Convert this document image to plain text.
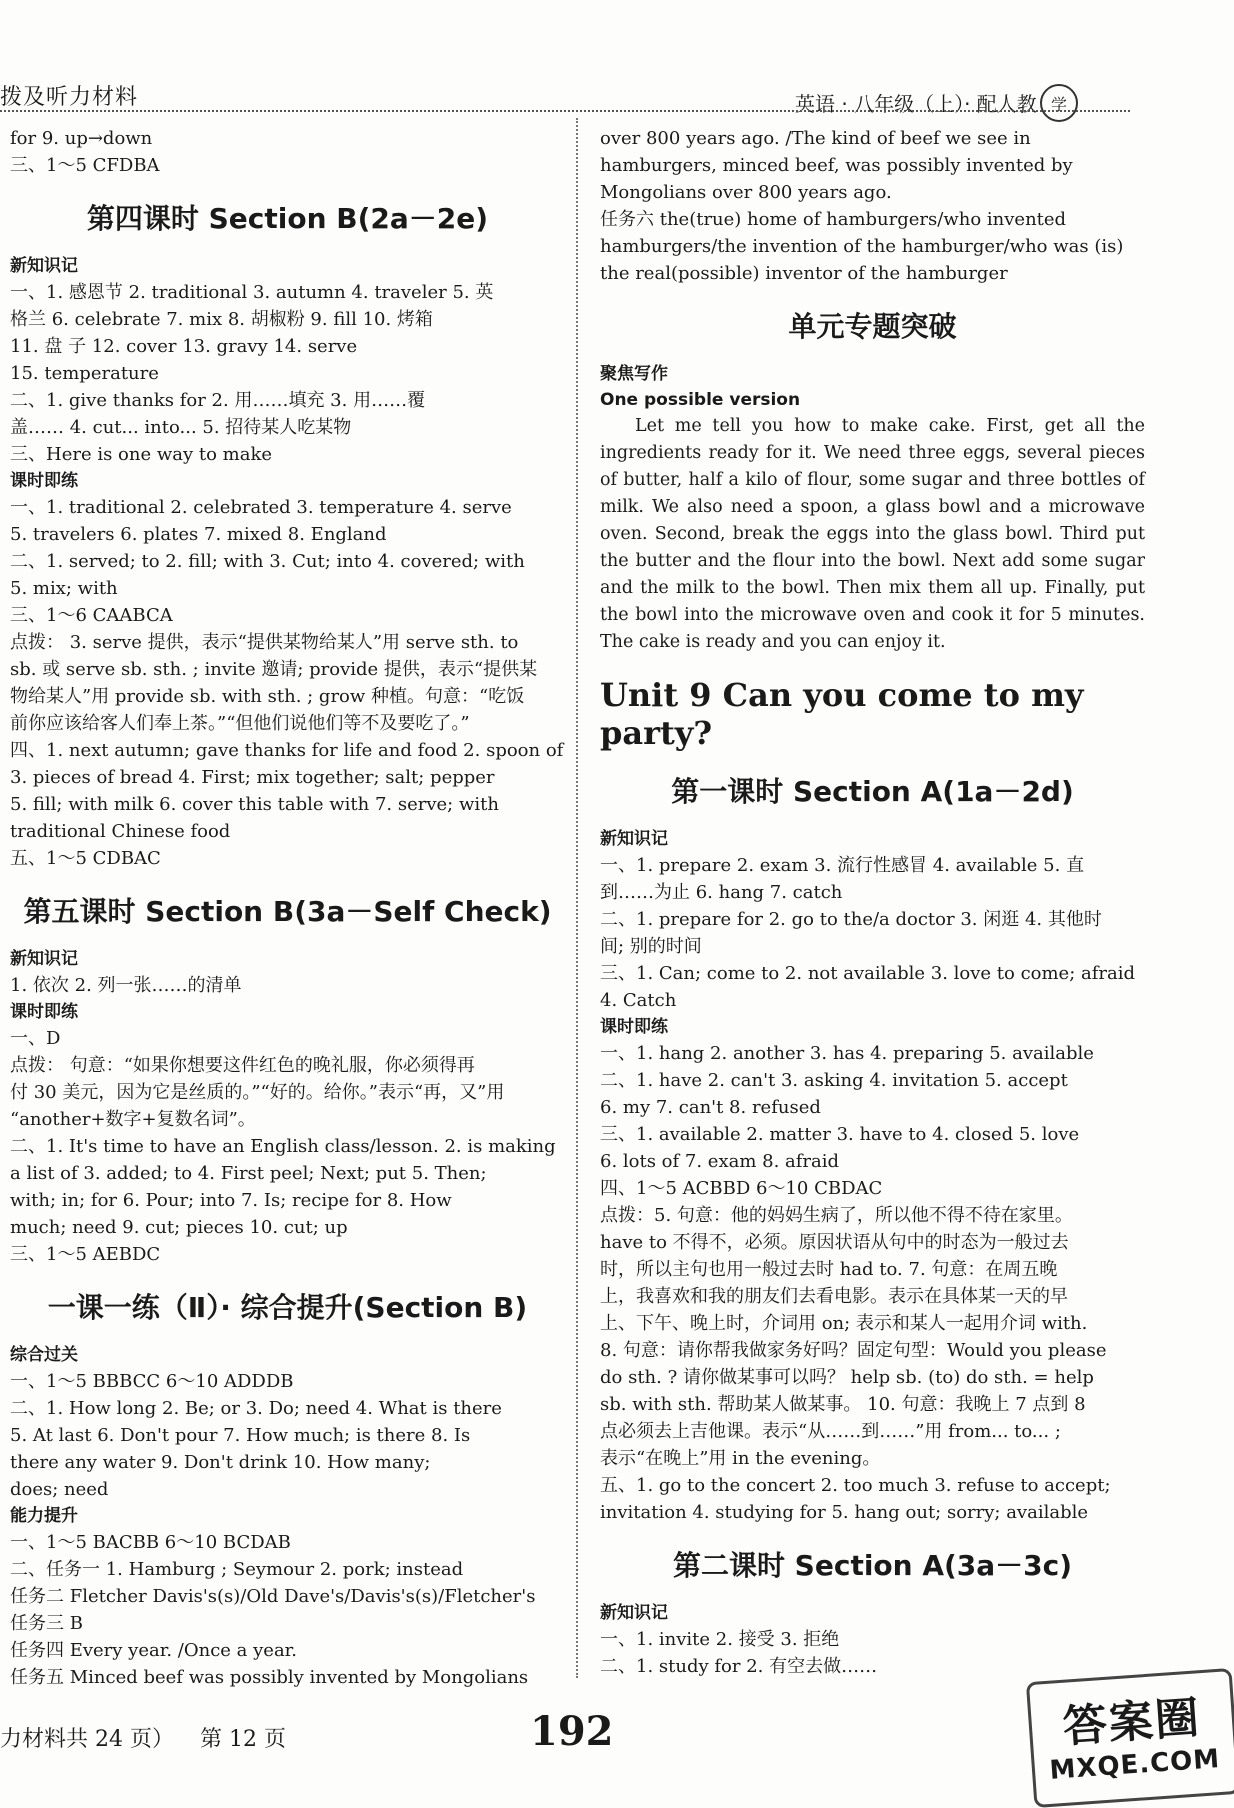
拨及听力材料	英语 · 八年级（上）· 配人教 学
for 9. up→down
三、1～5 CFDBA
第四课时 Section B(2a－2e)
新知识记
一、1. 感恩节 2. traditional 3. autumn 4. traveler 5. 英
格兰 6. celebrate 7. mix 8. 胡椒粉 9. fill 10. 烤箱
11. 盘 子 12. cover 13. gravy 14. serve
15. temperature
二、1. give thanks for 2. 用……填充 3. 用……覆
盖…… 4. cut... into... 5. 招待某人吃某物
三、Here is one way to make
课时即练
一、1. traditional 2. celebrated 3. temperature 4. serve
5. travelers 6. plates 7. mixed 8. England
二、1. served; to 2. fill; with 3. Cut; into 4. covered; with
5. mix; with
三、1～6 CAABCA
点拨： 3. serve 提供，表示“提供某物给某人”用 serve sth. to
sb. 或 serve sb. sth. ; invite 邀请; provide 提供，表示“提供某
物给某人”用 provide sb. with sth. ; grow 种植。句意：“吃饭
前你应该给客人们奉上茶。”“但他们说他们等不及要吃了。”
四、1. next autumn; gave thanks for life and food 2. spoon of
3. pieces of bread 4. First; mix together; salt; pepper
5. fill; with milk 6. cover this table with 7. serve; with
traditional Chinese food
五、1～5 CDBAC
第五课时 Section B(3a－Self Check)
新知识记
1. 依次 2. 列一张……的清单
课时即练
一、D
点拨： 句意：“如果你想要这件红色的晚礼服，你必须得再
付 30 美元，因为它是丝质的。”“好的。给你。”表示“再，又”用
“another+数字+复数名词”。
二、1. It's time to have an English class/lesson. 2. is making
a list of 3. added; to 4. First peel; Next; put 5. Then;
with; in; for 6. Pour; into 7. Is; recipe for 8. How
much; need 9. cut; pieces 10. cut; up
三、1～5 AEBDC
一课一练（Ⅱ）· 综合提升(Section B)
综合过关
一、1～5 BBBCC 6～10 ADDDB
二、1. How long 2. Be; or 3. Do; need 4. What is there
5. At last 6. Don't pour 7. How much; is there 8. Is
there any water 9. Don't drink 10. How many;
does; need
能力提升
一、1～5 BACBB 6～10 BCDAB
二、任务一 1. Hamburg ; Seymour 2. pork; instead
任务二 Fletcher Davis's(s)/Old Dave's/Davis's(s)/Fletcher's
任务三 B
任务四 Every year. /Once a year.
任务五 Minced beef was possibly invented by Mongolians
over 800 years ago. /The kind of beef we see in
hamburgers, minced beef, was possibly invented by
Mongolians over 800 years ago.
任务六 the(true) home of hamburgers/who invented
hamburgers/the invention of the hamburger/who was (is)
the real(possible) inventor of the hamburger
单元专题突破
聚焦写作
One possible version

Let me tell you how to make cake. First, get all the ingredients ready for it. We need three eggs, several pieces of butter, half a kilo of flour, some sugar and three bottles of milk. We also need a spoon, a glass bowl and a microwave oven. Second, break the eggs into the glass bowl. Third put the butter and the flour into the bowl. Next add some sugar and the milk to the bowl. Then mix them all up. Finally, put the bowl into the microwave oven and cook it for 5 minutes. The cake is ready and you can enjoy it.

Unit 9 Can you come to my party?
第一课时 Section A(1a－2d)
新知识记
一、1. prepare 2. exam 3. 流行性感冒 4. available 5. 直
到……为止 6. hang 7. catch
二、1. prepare for 2. go to the/a doctor 3. 闲逛 4. 其他时
间; 别的时间
三、1. Can; come to 2. not available 3. love to come; afraid
4. Catch
课时即练
一、1. hang 2. another 3. has 4. preparing 5. available
二、1. have 2. can't 3. asking 4. invitation 5. accept
6. my 7. can't 8. refused
三、1. available 2. matter 3. have to 4. closed 5. love
6. lots of 7. exam 8. afraid
四、1～5 ACBBD 6～10 CBDAC
点拨：5. 句意：他的妈妈生病了，所以他不得不待在家里。
have to 不得不，必须。原因状语从句中的时态为一般过去
时，所以主句也用一般过去时 had to. 7. 句意：在周五晚
上，我喜欢和我的朋友们去看电影。表示在具体某一天的早
上、下午、晚上时，介词用 on; 表示和某人一起用介词 with.
8. 句意：请你帮我做家务好吗？固定句型：Would you please
do sth. ? 请你做某事可以吗？ help sb. (to) do sth. = help
sb. with sth. 帮助某人做某事。 10. 句意：我晚上 7 点到 8
点必须去上吉他课。表示“从……到……”用 from... to... ;
表示“在晚上”用 in the evening。
五、1. go to the concert 2. too much 3. refuse to accept;
invitation 4. studying for 5. hang out; sorry; available
第二课时 Section A(3a－3c)
新知识记
一、1. invite 2. 接受 3. 拒绝
二、1. study for 2. 有空去做……
力材料共 24 页） 第 12 页	192	答案圈
MXQE.COM
